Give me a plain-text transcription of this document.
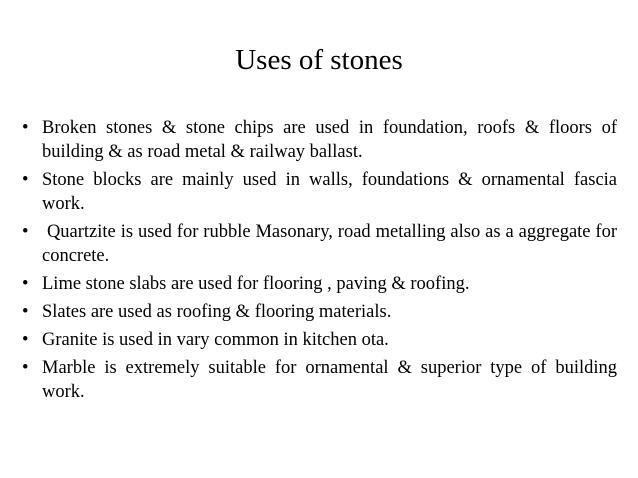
Uses of stones
• Broken stones & stone chips are used in foundation, roofs & floors of building & as road metal & railway ballast.
• Stone blocks are mainly used in walls, foundations & ornamental fascia work.
• Quartzite is used for rubble Masonary, road metalling also as a aggregate for concrete.
• Lime stone slabs are used for flooring , paving & roofing.
• Slates are used as roofing & flooring materials.
• Granite is used in vary common in kitchen ota.
• Marble is extremely suitable for ornamental & superior type of building work.
